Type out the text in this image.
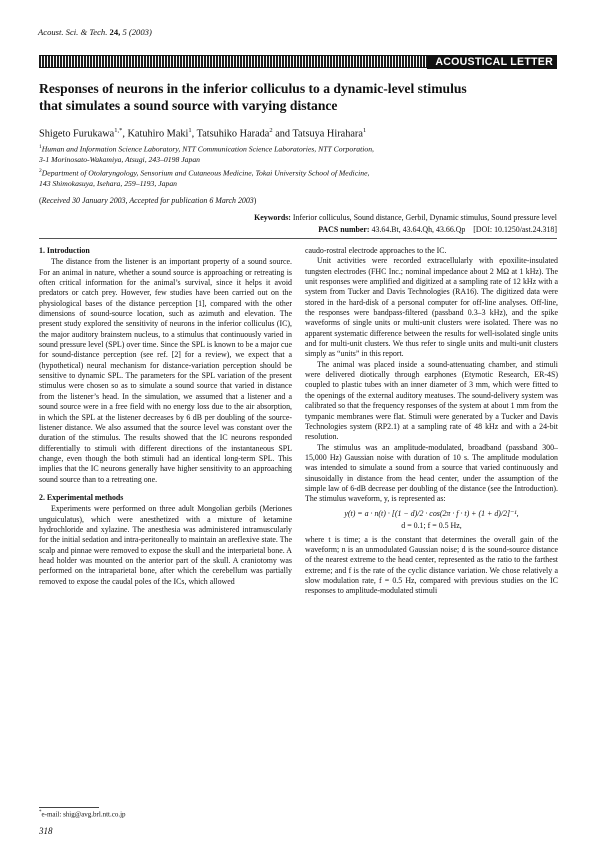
Acoust. Sci. & Tech. 24, 5 (2003)
ACOUSTICAL LETTER
Responses of neurons in the inferior colliculus to a dynamic-level stimulus
that simulates a sound source with varying distance
Shigeto Furukawa$^{1,*}$, Katuhiro Maki$^1$, Tatsuhiko Harada$^2$ and Tatsuya Hirahara$^1$
$^1$Human and Information Science Laboratory, NTT Communication Science Laboratories, NTT Corporation,
3-1 Morinosato-Wakamiya, Atsugi, 243–0198 Japan
$^2$Department of Otolaryngology, Sensorium and Cutaneous Medicine, Tokai University School of Medicine,
143 Shimokasuya, Isehara, 259–1193, Japan
(Received 30 January 2003, Accepted for publication 6 March 2003)
Keywords: Inferior colliculus, Sound distance, Gerbil, Dynamic stimulus, Sound pressure level
PACS number: 43.64.Bt, 43.64.Qh, 43.66.Qp [DOI: 10.1250/ast.24.318]
1. Introduction

The distance from the listener is an important property of a sound source. For an animal in nature, whether a sound source is approaching or retreating is often critical information for the animal’s survival, since it helps it avoid predators or catch prey. However, few studies have been carried out on the physiological bases of the distance perception [1], compared with the other dimensions of sound-source location, such as azimuth and elevation. The present study explored the sensitivity of neurons in the inferior colliculus (IC), the major auditory brainstem nucleus, to a stimulus that continuously varied in sound pressure level (SPL) over time. Since the SPL is known to be a major cue for sound-distance perception (see ref. [2] for a review), we expect that a (hypothetical) neural mechanism for distance-variation perception should be sensitive to dynamic SPL. The parameters for the SPL variation of the present stimulus were chosen so as to simulate a sound source that varied in distance from the listener’s head. In the simulation, we assumed that a listener and a sound source were in a free field with no energy loss due to the air absorption, in which the SPL at the listener decreases by 6 dB per doubling of the source-listener distance. We also assumed that the source level was constant over the duration of the stimulus. The results showed that the IC neurons responded differentially to stimuli with different directions of the instantaneous SPL change, even though the both stimuli had an identical long-term SPL. This implies that the IC neurons generally have higher sensitivity to an approaching sound source than to a retreating one.

2. Experimental methods

Experiments were performed on three adult Mongolian gerbils (Meriones unguiculatus), which were anesthetized with a mixture of ketamine hydrochloride and xylazine. The anesthesia was administered intramuscularly for the initial sedation and intra-peritoneally to maintain an areflexive state. The scalp and pinnae were removed to expose the skull and the interparietal bone. A head holder was mounted on the anterior part of the skull. A craniotomy was performed on the intraparietal bone, after which the cerebellum was partially removed to expose the caudal poles of the ICs, which allowed

caudo-rostral electrode approaches to the IC.

Unit activities were recorded extracellularly with epoxilite-insulated tungsten electrodes (FHC Inc.; nominal impedance about 2 MΩ at 1 kHz). The unit responses were amplified and digitized at a sampling rate of 12 kHz with a system from Tucker and Davis Technologies (RA16). The digitized data were stored in the hard-disk of a personal computer for off-line analyses. Off-line, the responses were bandpass-filtered (passband 0.3–3 kHz), and the spike waveforms of single units or multi-unit clusters were isolated. There was no apparent systematic difference between the results for well-isolated single units and for multi-unit clusters. We thus refer to single units and multi-unit clusters simply as “units” in this report.

The animal was placed inside a sound-attenuating chamber, and stimuli were delivered diotically through earphones (Etymotic Research, ER-4S) coupled to plastic tubes with an inner diameter of 3 mm, which were fitted to the openings of the external auditory meatuses. The sound-delivery system was calibrated so that the frequency responses of the system at about 1 mm from the tympanic membranes were flat. Stimuli were generated by a Tucker and Davis Technologies system (RP2.1) at a sampling rate of 48 kHz and with a 24-bit resolution.

The stimulus was an amplitude-modulated, broadband (passband 300–15,000 Hz) Gaussian noise with duration of 10 s. The amplitude modulation was intended to simulate a sound from a source that varied continuously and sinusoidally in distance from the head center, under the assumption of the simple law of 6-dB decrease per doubling of the distance (see the Introduction). The stimulus waveform, y, is represented as:

y(t) = a · n(t) · [(1 − d)/2 · cos(2π · f · t) + (1 + d)/2]⁻¹,
d = 0.1; f = 0.5 Hz,

where t is time; a is the constant that determines the overall gain of the waveform; n is an unmodulated Gaussian noise; d is the sound-source distance of the nearest extreme to the head center, represented as the ratio to the farthest extreme; and f is the rate of the cyclic distance variation. We chose relatively a slow modulation rate, f = 0.5 Hz, compared with previous studies on the IC responses to amplitude-modulated stimuli

*e-mail: shig@avg.brl.ntt.co.jp
318
